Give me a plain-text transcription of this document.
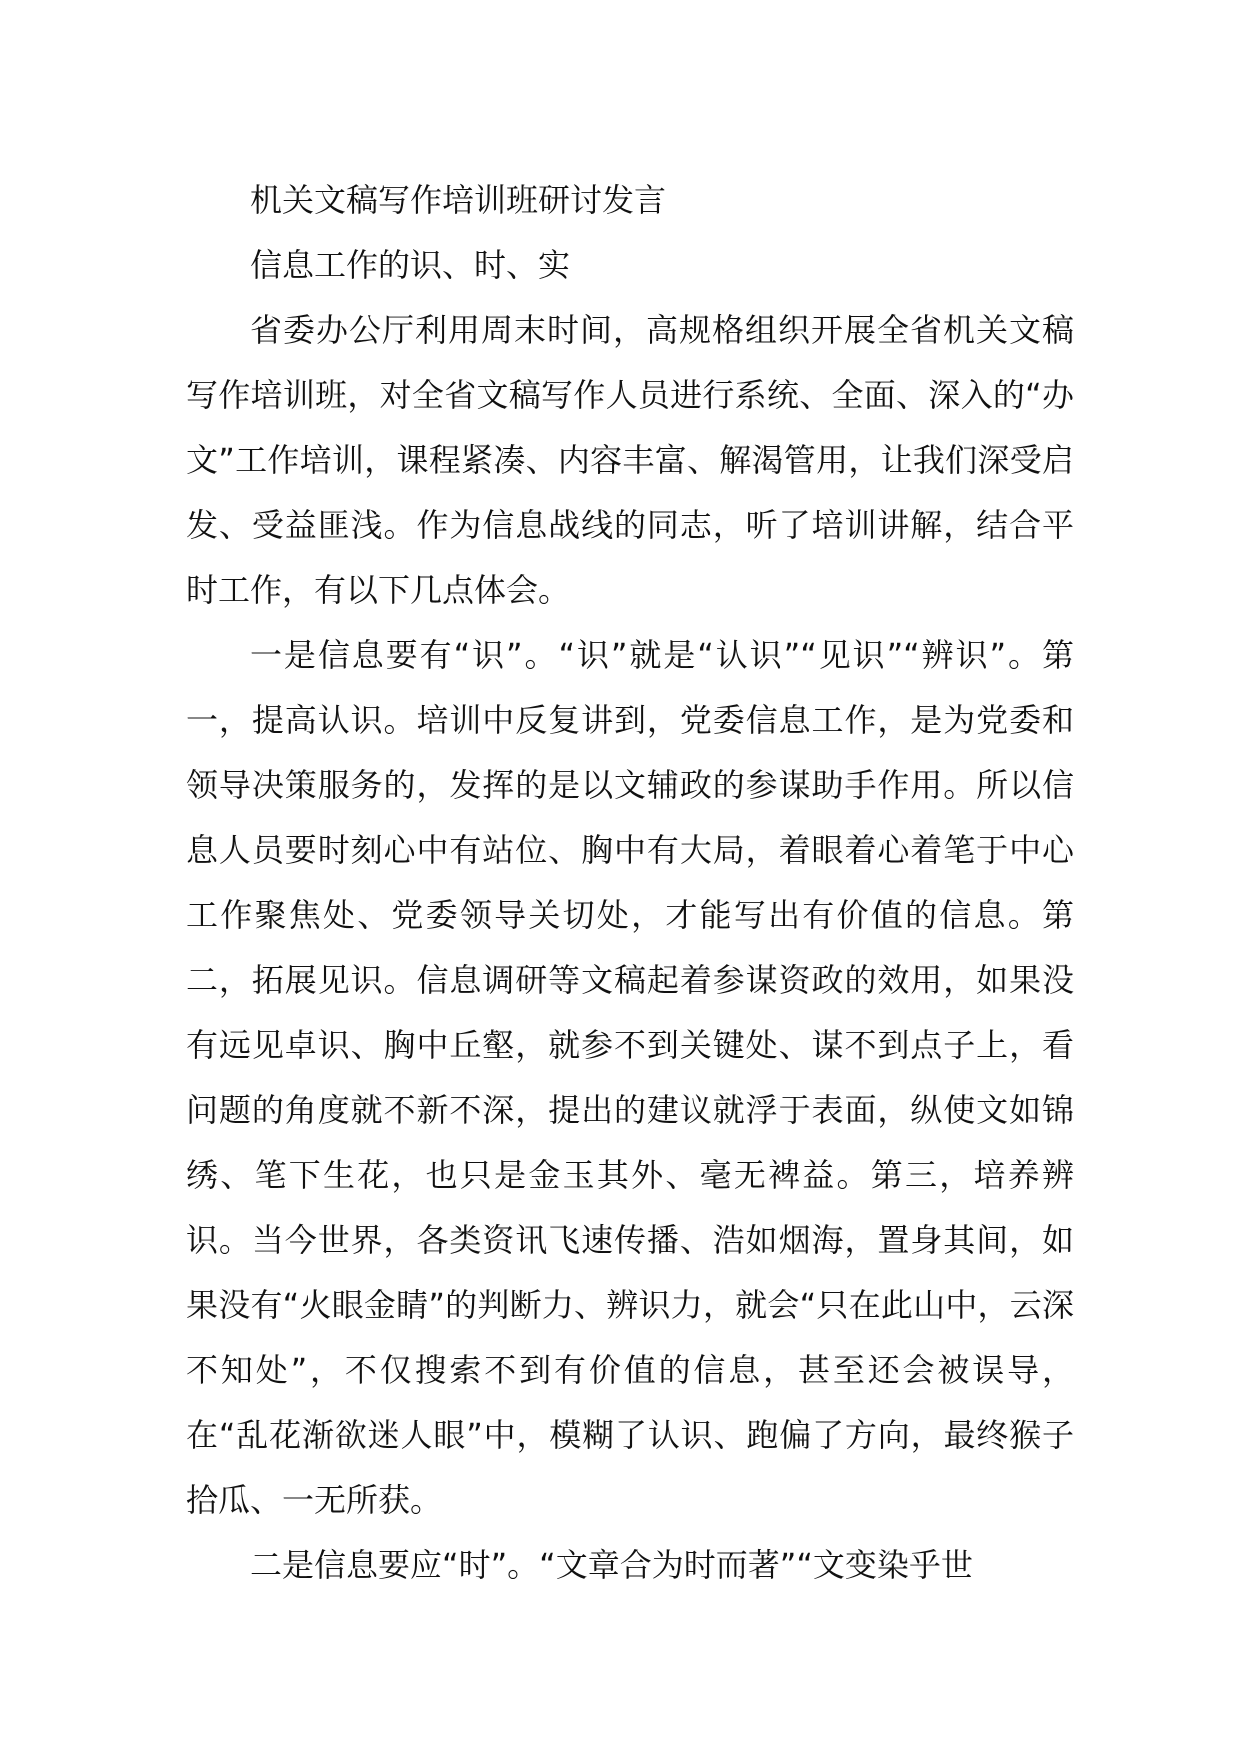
机关文稿写作培训班研讨发言

信息工作的识、时、实

省委办公厅利用周末时间，高规格组织开展全省机关文稿写作培训班，对全省文稿写作人员进行系统、全面、深入的“办文”工作培训，课程紧凑、内容丰富、解渴管用，让我们深受启发、受益匪浅。作为信息战线的同志，听了培训讲解，结合平时工作，有以下几点体会。

一是信息要有“识”。“识”就是“认识”“见识”“辨识”。第一，提高认识。培训中反复讲到，党委信息工作，是为党委和领导决策服务的，发挥的是以文辅政的参谋助手作用。所以信息人员要时刻心中有站位、胸中有大局，着眼着心着笔于中心工作聚焦处、党委领导关切处，才能写出有价值的信息。第二，拓展见识。信息调研等文稿起着参谋资政的效用，如果没有远见卓识、胸中丘壑，就参不到关键处、谋不到点子上，看问题的角度就不新不深，提出的建议就浮于表面，纵使文如锦绣、笔下生花，也只是金玉其外、毫无裨益。第三，培养辨识。当今世界，各类资讯飞速传播、浩如烟海，置身其间，如果没有“火眼金睛”的判断力、辨识力，就会“只在此山中，云深不知处”，不仅搜索不到有价值的信息，甚至还会被误导，在“乱花渐欲迷人眼”中，模糊了认识、跑偏了方向，最终猴子拾瓜、一无所获。

二是信息要应“时”。“文章合为时而著”“文变染乎世
